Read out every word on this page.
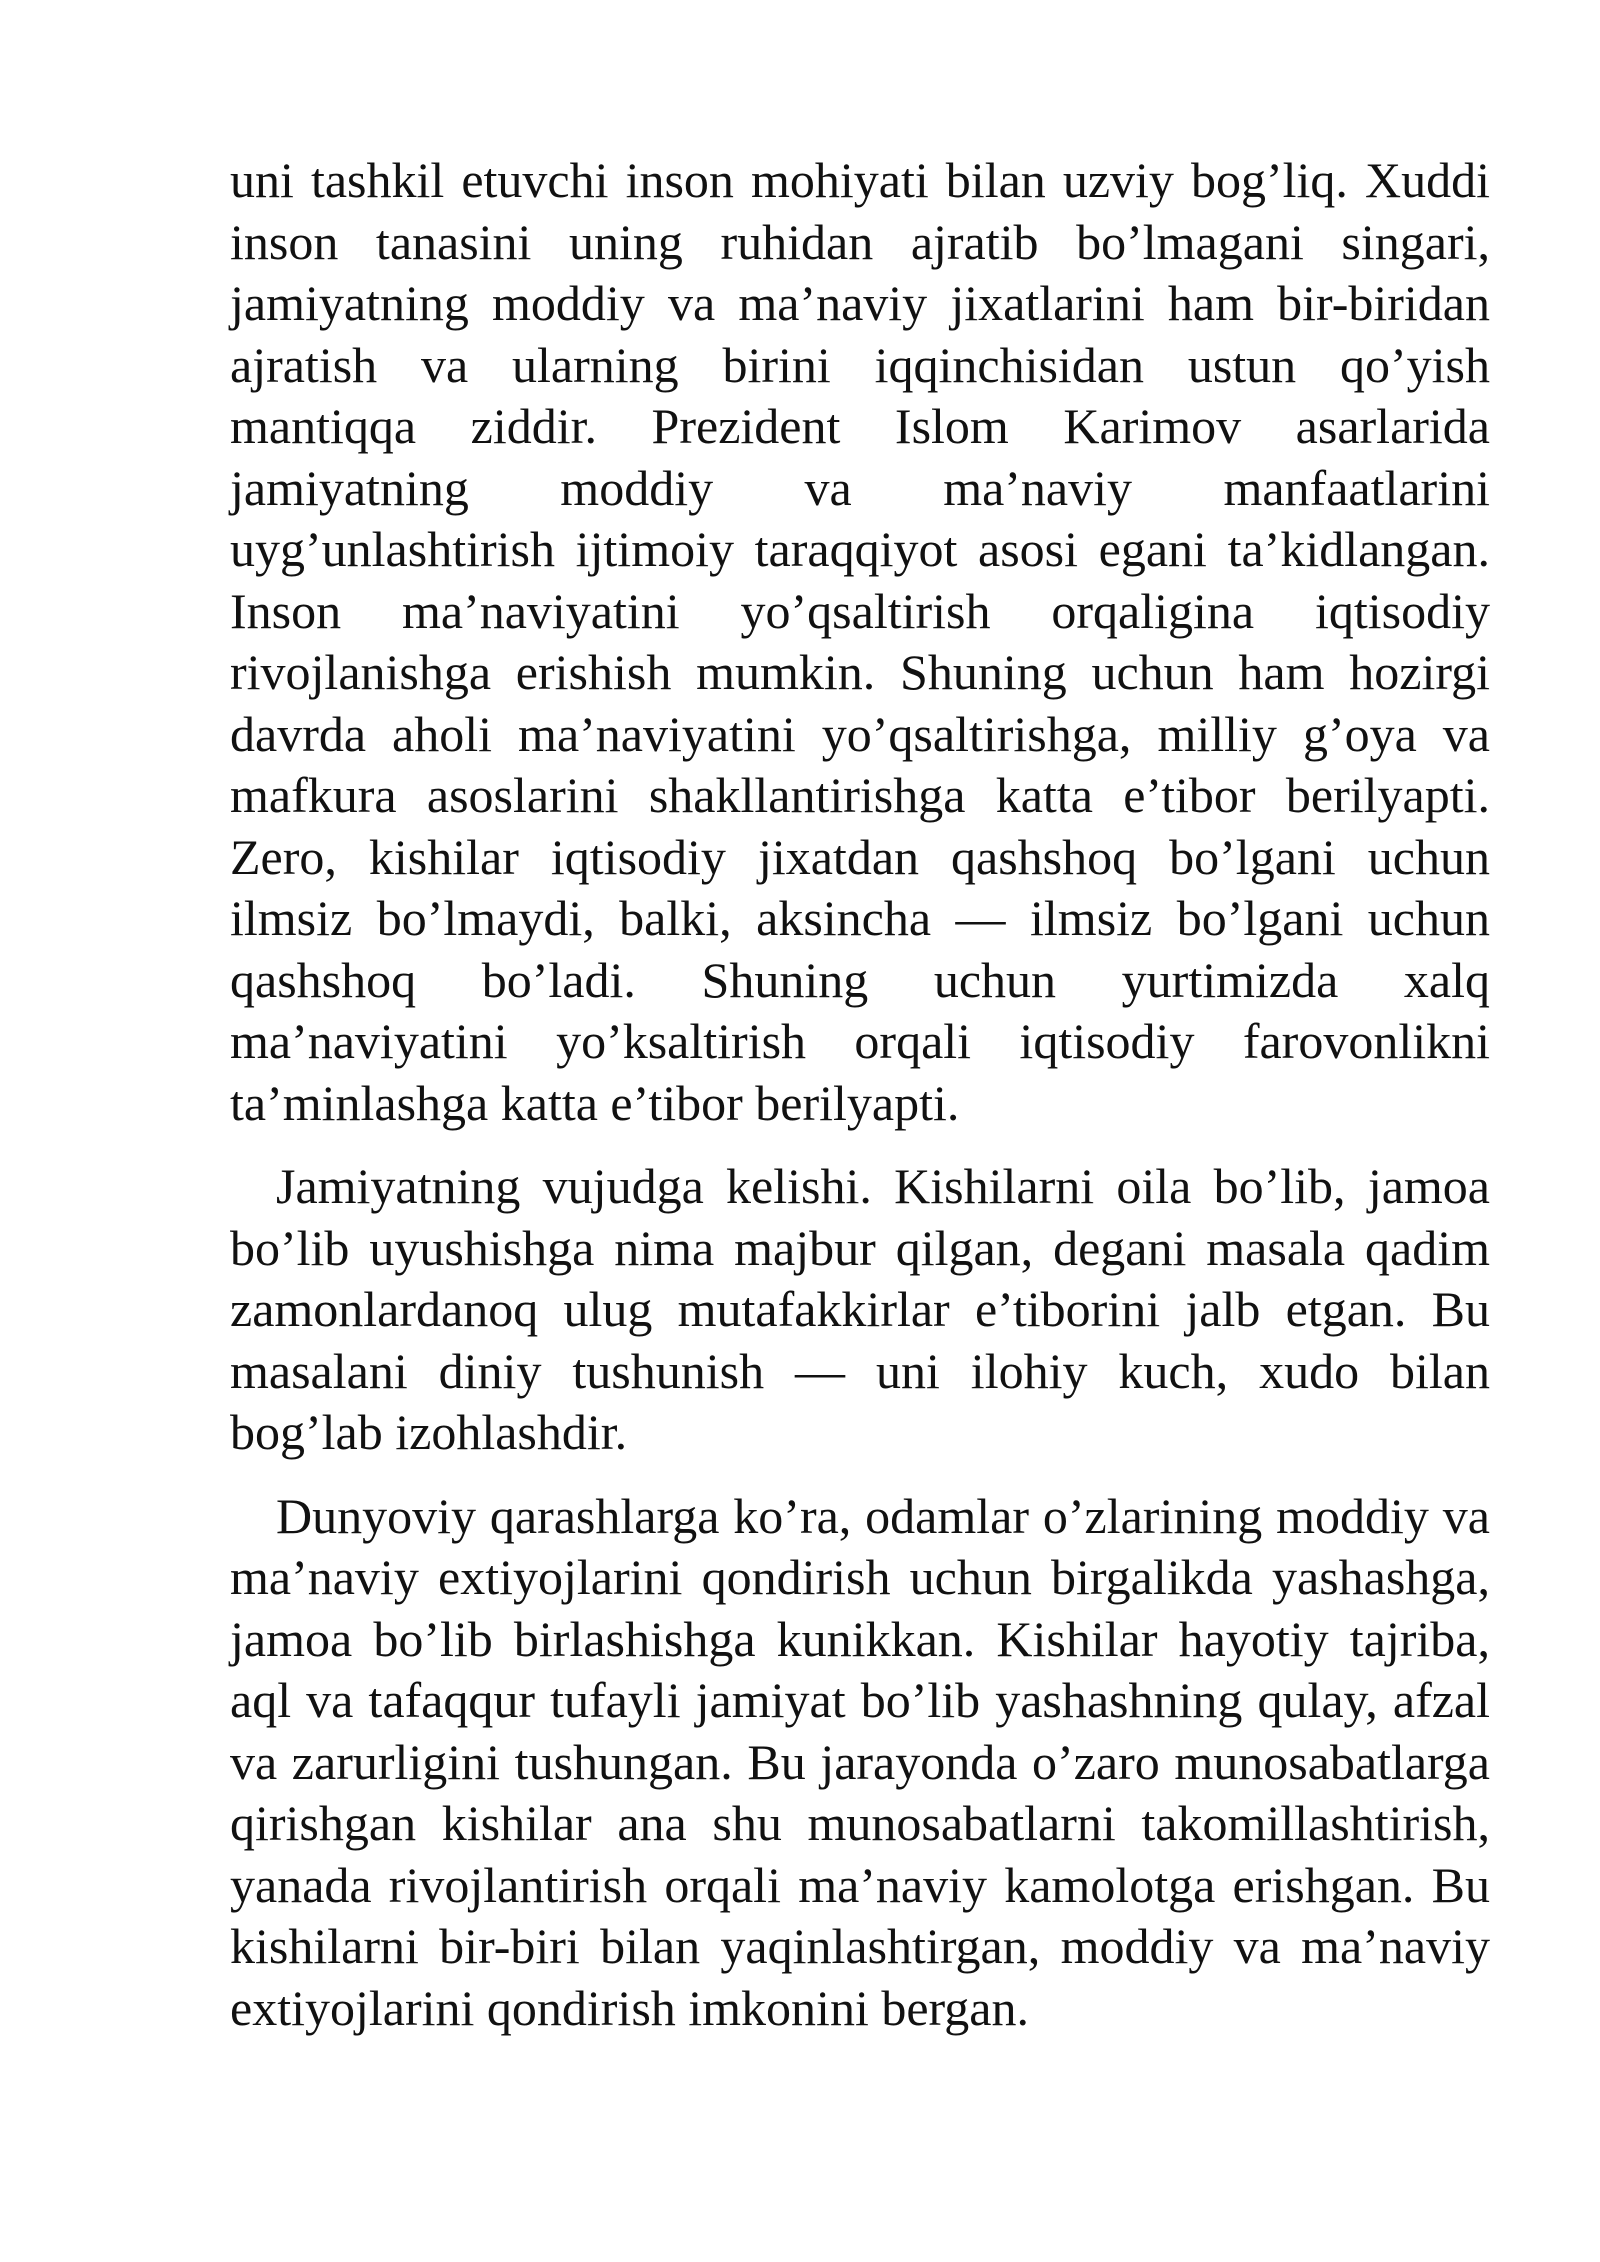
uni tashkil etuvchi inson mohiyati bilan uzviy bog’liq. Xuddi inson tanasini uning ruhidan ajratib bo’lmagani singari, jamiyatning moddiy va ma’naviy jixatlarini ham bir-biridan ajratish va ularning birini iqqinchisidan ustun qo’yish mantiqqa ziddir. Prezident Islom Karimov asarlarida jamiyatning moddiy va ma’naviy manfaatlarini uyg’unlashtirish ijtimoiy taraqqiyot asosi egani ta’kidlangan. Inson ma’naviyatini yo’qsaltirish orqaligina iqtisodiy rivojlanishga erishish mumkin. Shuning uchun ham hozirgi davrda aholi ma’naviyatini yo’qsaltirishga, milliy g’oya va mafkura asoslarini shakllantirishga katta e’tibor berilyapti. Zero, kishilar iqtisodiy jixatdan qashshoq bo’lgani uchun ilmsiz bo’lmaydi, balki, aksincha — ilmsiz bo’lgani uchun qashshoq bo’ladi. Shuning uchun yurtimizda xalq ma’naviyatini yo’ksaltirish orqali iqtisodiy farovonlikni ta’minlashga katta e’tibor berilyapti.

Jamiyatning vujudga kelishi. Kishilarni oila bo’lib, jamoa bo’lib uyushishga nima majbur qilgan, degani masala qadim zamonlardanoq ulug mutafakkirlar e’tiborini jalb etgan. Bu masalani diniy tushunish — uni ilohiy kuch, xudo bilan bog’lab izohlashdir.

Dunyoviy qarashlarga ko’ra, odamlar o’zlarining moddiy va ma’naviy extiyojlarini qondirish uchun birgalikda yashashga, jamoa bo’lib birlashishga kunikkan. Kishilar hayotiy tajriba, aql va tafaqqur tufayli jamiyat bo’lib yashashning qulay, afzal va zarurligini tushungan. Bu jarayonda o’zaro munosabatlarga qirishgan kishilar ana shu munosabatlarni takomillashtirish, yanada rivojlantirish orqali ma’naviy kamolotga erishgan. Bu kishilarni bir-biri bilan yaqinlashtirgan, moddiy va ma’naviy extiyojlarini qondirish imkonini bergan.
